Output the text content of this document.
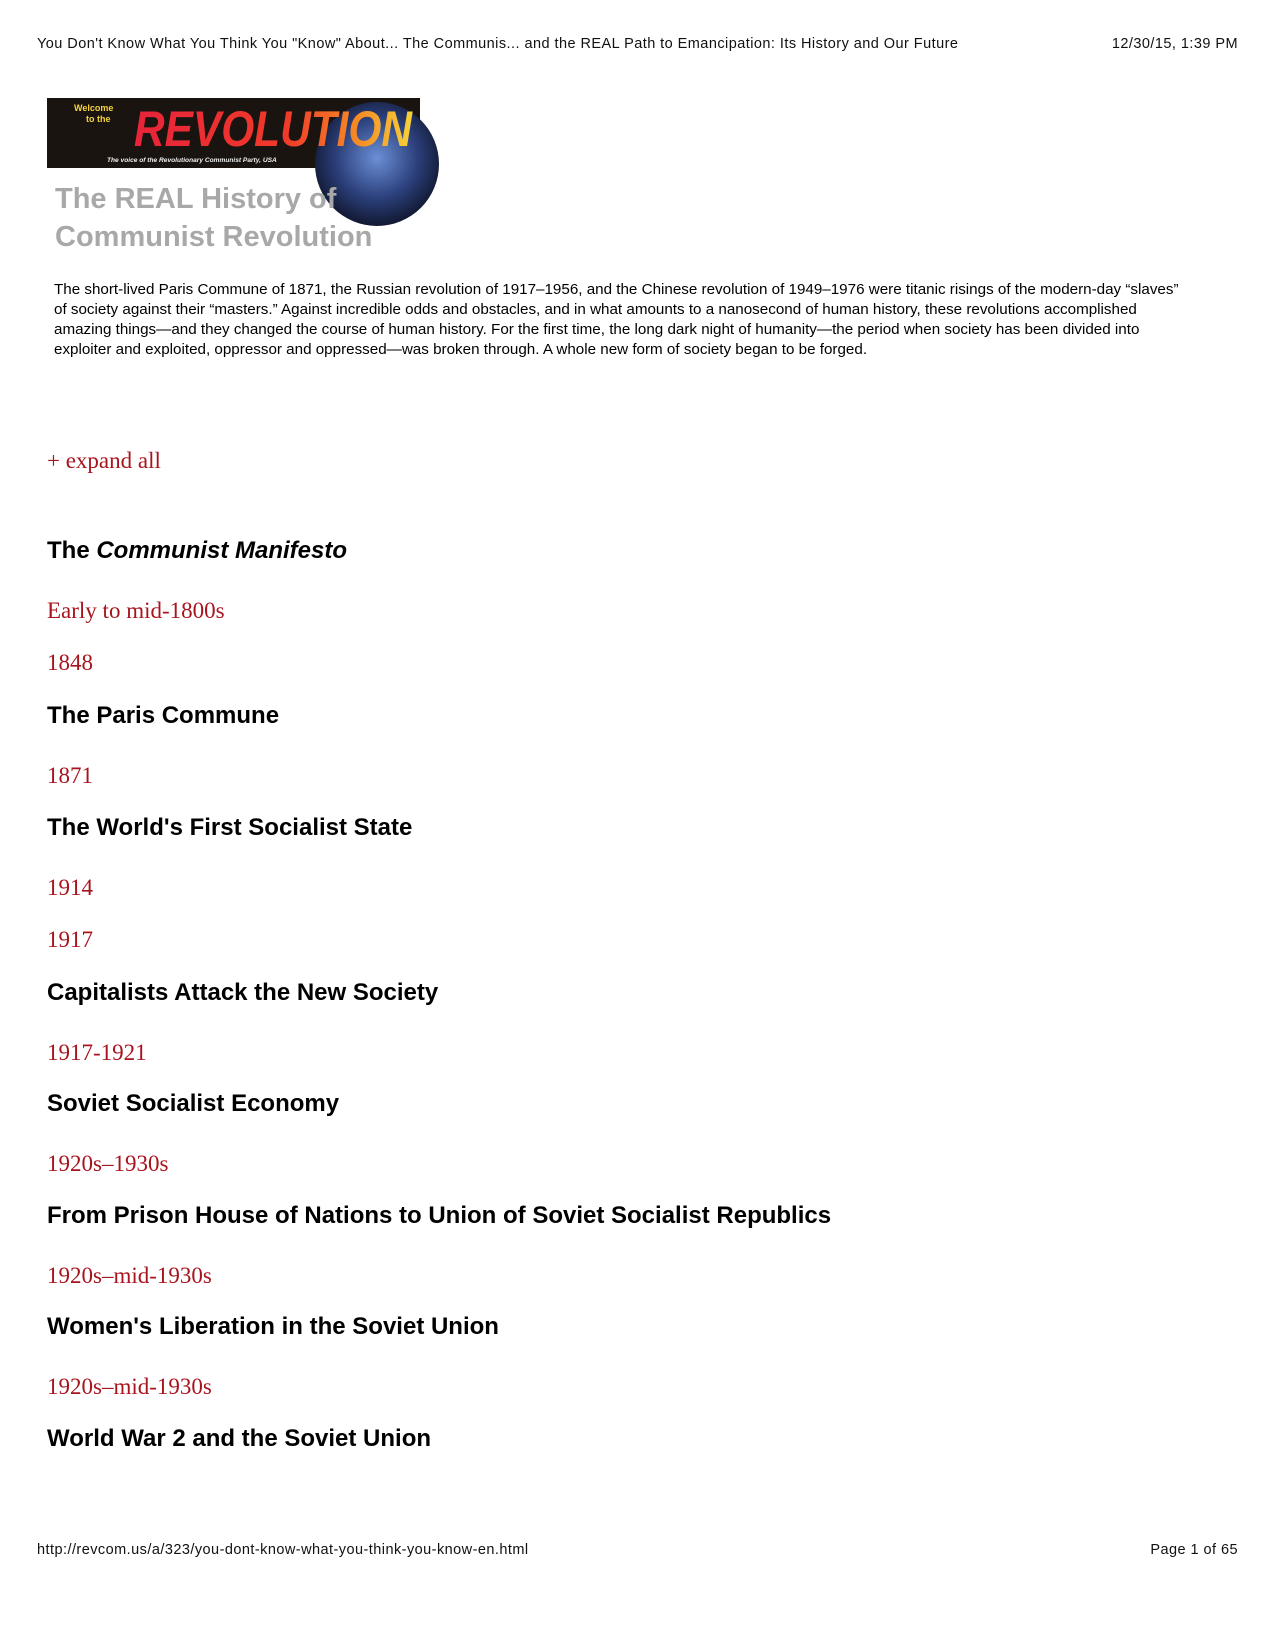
You Don't Know What You Think You "Know" About... The Communis... and the REAL Path to Emancipation: Its History and Our Future	12/30/15, 1:39 PM
Welcome
to the REVOLUTION
The voice of the Revolutionary Communist Party, USA
The REAL History of
Communist Revolution

The short-lived Paris Commune of 1871, the Russian revolution of 1917–1956, and the Chinese revolution of 1949–1976 were titanic risings of the modern-day “slaves” of society against their “masters.” Against incredible odds and obstacles, and in what amounts to a nanosecond of human history, these revolutions accomplished amazing things—and they changed the course of human history. For the first time, the long dark night of humanity—the period when society has been divided into exploiter and exploited, oppressor and oppressed—was broken through. A whole new form of society began to be forged.

+ expand all
The Communist Manifesto
Early to mid-1800s
1848
The Paris Commune
1871
The World's First Socialist State
1914
1917
Capitalists Attack the New Society
1917-1921
Soviet Socialist Economy
1920s–1930s
From Prison House of Nations to Union of Soviet Socialist Republics
1920s–mid-1930s
Women's Liberation in the Soviet Union
1920s–mid-1930s
World War 2 and the Soviet Union
http://revcom.us/a/323/you-dont-know-what-you-think-you-know-en.html	Page 1 of 65
